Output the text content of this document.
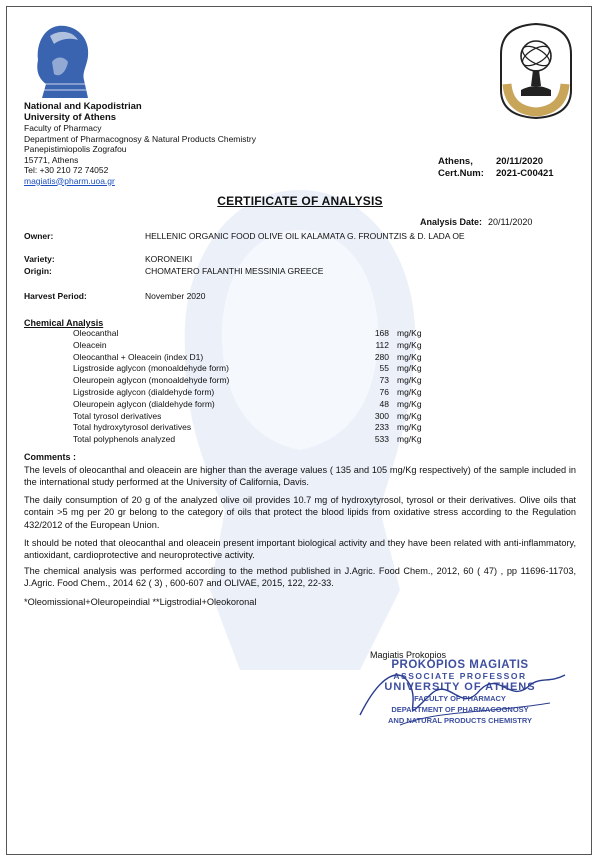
National and Kapodistrian
University of Athens
Faculty of Pharmacy
Department of Pharmacognosy & Natural Products Chemistry
Panepistimiopolis Zografou
15771, Athens
Tel: +30 210 72 74052
magiatis@pharm.uoa.gr
Athens, 20/11/2020
Cert.Num: 2021-C00421
CERTIFICATE OF ANALYSIS
Analysis Date: 20/11/2020
Owner:	HELLENIC ORGANIC FOOD OLIVE OIL KALAMATA G. FROUNTZIS & D. LADA OE
Variety:	KORONEIKI
Origin:	CHOMATERO FALANTHI MESSINIA GREECE
Harvest Period:	November 2020
Chemical Analysis
Oleocanthal	168 mg/Kg
Oleacein	112 mg/Kg
Oleocanthal + Oleacein (index D1)	280 mg/Kg
Ligstroside aglycon (monoaldehyde form)	55 mg/Kg
Oleuropein aglycon (monoaldehyde form)	73 mg/Kg
Ligstroside aglycon (dialdehyde form)	76 mg/Kg
Oleuropein aglycon (dialdehyde form)	48 mg/Kg
Total tyrosol derivatives	300 mg/Kg
Total hydroxytyrosol derivatives	233 mg/Kg
Total polyphenols analyzed	533 mg/Kg
Comments :
The levels of oleocanthal and oleacein are higher than the average values ( 135 and 105 mg/Kg respectively) of the sample included in the international study performed at the University of California, Davis.
The daily consumption of 20 g of the analyzed olive oil provides 10.7 mg of hydroxytyrosol, tyrosol or their derivatives. Olive oils that contain >5 mg per 20 gr belong to the category of oils that protect the blood lipids from oxidative stress according to the Regulation 432/2012 of the European Union.
It should be noted that oleocanthal and oleacein present important biological activity and they have been related with anti-inflammatory, antioxidant, cardioprotective and neuroprotective activity.
The chemical analysis was performed according to the method published in J.Agric. Food Chem., 2012, 60 ( 47) , pp 11696-11703, J.Agric. Food Chem., 2014 62 ( 3) , 600-607 and OLIVAE, 2015, 122, 22-33.
*Oleomissional+Oleuropeindial **Ligstrodial+Oleokoronal
Magiatis Prokopios
PROKOPIOS MAGIATIS
ASSOCIATE PROFESSOR
UNIVERSITY OF ATHENS
FACULTY OF PHARMACY
DEPARTMENT OF PHARMACOGNOSY
AND NATURAL PRODUCTS CHEMISTRY
